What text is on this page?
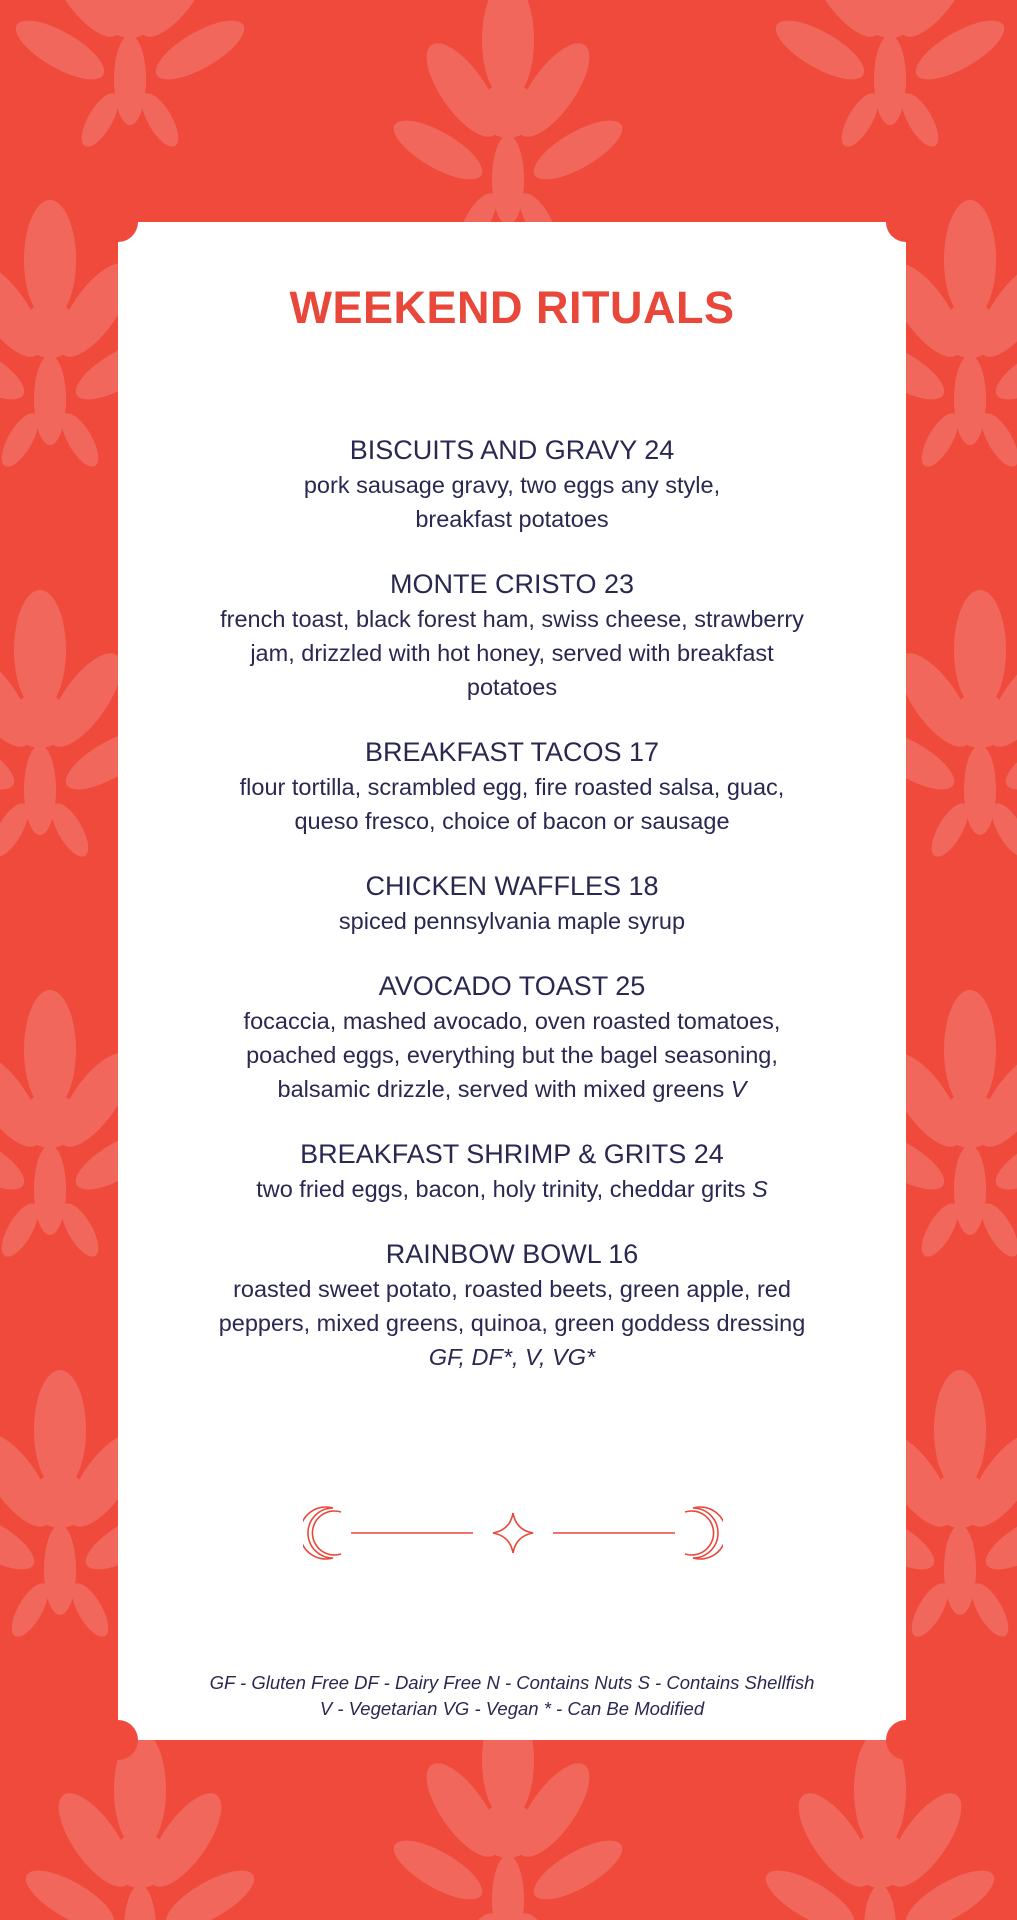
WEEKEND RITUALS
BISCUITS AND GRAVY 24
pork sausage gravy, two eggs any style,
breakfast potatoes
MONTE CRISTO 23
french toast, black forest ham, swiss cheese, strawberry
jam, drizzled with hot honey, served with breakfast
potatoes
BREAKFAST TACOS 17
flour tortilla, scrambled egg, fire roasted salsa, guac,
queso fresco, choice of bacon or sausage
CHICKEN WAFFLES 18
spiced pennsylvania maple syrup
AVOCADO TOAST 25
focaccia, mashed avocado, oven roasted tomatoes,
poached eggs, everything but the bagel seasoning,
balsamic drizzle, served with mixed greens V
BREAKFAST SHRIMP & GRITS 24
two fried eggs, bacon, holy trinity, cheddar grits S
RAINBOW BOWL 16
roasted sweet potato, roasted beets, green apple, red
peppers, mixed greens, quinoa, green goddess dressing
GF, DF*, V, VG*
GF - Gluten Free DF - Dairy Free N - Contains Nuts S - Contains Shellfish
V - Vegetarian VG - Vegan * - Can Be Modified
